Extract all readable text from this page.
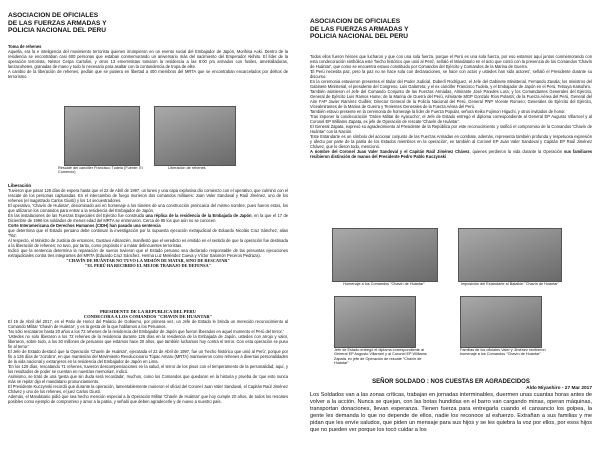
ASOCIACION DE OFICIALES

DE LAS FUERZAS ARMADAS Y

POLICIA NACIONAL DEL PERU

Toma de rehenes

Aquella, era la e inteligencia del movimiento terrorista quienes irrumpieron en un evento social del Embajador de Japón, Morihisa Aoki. Dentro de la residencia se encontraban casi 600 personas que estaban conmemorando un aniversario más del nacimiento del Emperador Akihito. El líder de la operación terrorista, Néstor Cerpa Cartolini, y otros 13 emerretistas tomaron la residencia a las 8:00 pm armados con fusiles, ametralladoras, lanzacohetes, granadas de mano y todo lo necesario para asaltar con la contundencia de tropa de elite.

A cambio de la liberación de rehenes, pedían que se pusiera en libertad a 400 miembros del MRTA que se encontraban encarcelados por delitos de terrorismo.

Rescate del canciller Francisco Tudela (Fuente: El Comercio)

Liberación de rehenes

Liberación

Tuvieron que pasar 126 días de espera hasta que el 22 de Abril de 1997, un lunes y una capa explosiva dio comienzo con el operativo, que culminó con el rescate de los personas capturadas. En el intercambio de fuego murieron dos comandos militares: Juan Valer Sandoval y Raúl Jiménez, uno de los rehenes (el magistrado Carlos Giusti) y los 14 secuestradores.

El operativo, 'Chavín de Huántar', denominado así en homenaje a los túneles de una construcción preincaica del mismo nombre, pues fueron estos, los que utilizaron los comandos para entrar a la residencia del Embajador de Japón.

En las instalaciones de las Fuerzas Especiales del Ejército fue construida una réplica de la residencia de la Embajada de Japón, en la que el 17 de Diciembre de 1996 los soldados de menos edad del MRTA se entrenaron. Cerca de 85 los que aún no se conocen.

Corte Interamericana de Derechos Humanos (CIDH) han pasado una sentencia

que determina que el Estado peruano debe continuar la investigación por la supuesta ejecución extrajudicial de Eduardo Nicolás Cruz Sánchez, alias 'Tito'.

Al respecto, el Ministro de Justicia de entonces, Gustavo Adrianzén, manifestó que el veredicto es emitido en el sentido de que la operación fue destinada a la liberación de rehenes; no tuvo, por tanto, como propósito ir a matar delincuentes terroristas.

Indicó que la sentencia determina la reparación de sueros tuvieron que el Estado peruano sea declarado responsable de las presuntas ejecuciones extrajudiciales contra tres integrantes del MRTA (Eduardo Cruz Sánchez, Herma Luz Meléndez Cueva y Víctor Salomón Peceros Pedraza).

"CHAVÍN DE HUÁNTAR NO TUVO LA MISIÓN DE MATAR, SINO DE RESCATAR"

"EL PERÚ HA RECIBIDO EL MEJOR TRABAJO DE DEFENSA"

PRESIDENTE DE LA REPUBLICA DEL PERU

CONDECORA A LOS COMANDOS "CHAVIN DE HUANTAR"

El 19 de Abril del 2017, en el Patio de Honor del Palacio de Gobierno, por primera vez, un Jefe de Estado le brinda un merecido reconocimiento al Comando Militar 'Chavín de Huántar', y es la gesta de la que hablamos a los Peruanos.

'No sólo rescataron hasta 20 años a los 72 rehenes de la residencia del Embajador de Japón que fueron liberados en aquel momento el Perú del terror.'

'Ustedes no solo liberaron a los 72 rehenes de la residencia durante 126 días en la residencia de la Embajada de Japón, ustedes con arrojo y valor, liberaron, sobre todo, a los 30 millones de peruanos que estamos hace 20 años, que también luchamos hoy contra el terror. Con esta operación se puso fin al terror.'

El Jefe de Estado destacó que la Operación 'Chavín de Huántar', ejecutada el 22 de Abril de 1997, fue un 'hecho histórico que unió al Perú', porque por fin a 126 días de 'zozobra', en que mantenían del Movimiento Revolucionario Túpac Amaru (MRTA) mantuvieron como rehenes a diversas personalidades de la vida nacional y extranjeros en la residencia del Embajador de Japón en Lima.

'En los 126 días, rescatando 71 rehenes, tuvieron descompensaciones en la salud, el terror de los pisos con el temperamento de la personalidad; aquí, y los resultados de poder se cuentan en nuestras memorias', indicó.

Asimismo, se trató de una 'gesta que sin duda será recordada', muchos, como los Comandos que quedaron en la historia y prueba de 'que esto nunca más se repita' dijo el mandatario pronunciamiento.

El Presidente Kuczynski recordó que durante la operación, lamentablemente murieron el oficial del Coronel Juan Valer Sandoval, el Capitán Raúl Jiménez Chávez y uno de los rehenes, el juez Carlos Giusti.

Además, el Mandatario pidió que sea hecho mención especial a la Operación Militar 'Chavín de Huántar' que hoy cumple 20 años, de todos los rescates posibles como ejemplo de compromiso y amor a la patria, y señaló que deben agradecerle y de nuevo a nuestro país.

ASOCIACION DE OFICIALES

DE LAS FUERZAS ARMADAS Y

POLICIA NACIONAL DEL PERU

Todos ellos fueron héroes que lucharon y que con una sola fuerza, porque el Perú es una sola fuerza, por eso estamos aquí juntos conmemorando con esta condecoración simbólica este 'hecho histórico que unió al Perú', señaló el Mandatario en el acto que contó con la presencia de los Comandos 'Chavín de Huántar', que como se encuentra estuvo constituido por Comandos del Ejército y Comandos de la Marina de Guerra.

'El Perú necesita paz, pero la paz no se hace sola con declaraciones, se hace con actos y ustedes han sido actores', señaló el Presidente durante su discurso.

En la ceremonia estuvieron presentes el titular del Poder Judicial, Duberlí Rodríguez, el Jefe del Gabinete Ministerial, Fernando Zavala; los ministros del Gabinete Ministerial, el presidente del Congreso, Luis Galarreta, y el ex canciller Francisco Tudela, y el Embajador de Japón en el Perú, Tetsuya Katsuhiro.

También asistieron el Jefe del Comando Conjunto de las Fuerzas Armadas, Almirante José Paredes Lora; y los Comandantes Generales del Ejército, General de Ejército Luis Ramos Hume; de la Marina de Guerra del Perú, Almirante MGP Gonzalo Ríos Polastri; de la Fuerza Aérea del Perú, General del Aire FAP Javier Ramírez Guillén; Director General de la Policía Nacional del Perú, General PNP Vicente Romero; Generales de Ejército del Ejército, Vicealmirantes de la Marina de Guerra y Tenientes Generales de la Fuerza Aérea del Perú.

También estuvo presente en la ceremonia de homenaje la líder de Fuerza Popular, señora Keiko Fujimori Higuchi, y otros invitados de honor.

Tras imponer la condecoración 'Orden Militar de Ayacucho', el Jefe de Estado entregó el diploma correspondiente al General EP Augusto Villarroel y al Coronel EP Williams Zapata, ex jefe de Operación de rescate 'Chavín de Huántar'.

El General Zapata, expresó su agradecimiento al Presidente de la República por este reconocimiento y ratificó el compromiso de la Comandos 'Chavín de Huántar' con la Nación.

'Este Estandarte es un símbolo del accionar conjunto de las Fuerzas Armadas en combate, además, representa también profunda y respetuosa expresión y afecto por parte de la patria de los Estados miembros en la operación', en también al Coronel EP Juan Valer Sandoval y Capitán EP Raúl Jiménez Chávez, que lo dieron todo, mencionó.

A nombre del Coronel Juan Valer Sandoval y el Capitán Raúl Jiménez Chávez, quienes perdieron la vida durante la Operación sus familiares recibieron distinción de manos del Presidente Pedro Pablo Kuczynski

Homenaje a los Comandos "Chavín de Huántar"	Imposición del Estandarte al Batallón "Chavín de Huántar"

Jefe de Estado entregó el diploma correspondiente al General EP Augusto Villarroel y al Coronel EP Williams Zapata, ex jefe de Operación de rescate "Chavín de Huántar"

Familias de los oficiales Valer y Jiménez recibieron homenaje a los Comandos "Chavín de Huántar"

SEÑOR SOLDADO : NOS CUESTAS ER AGRADECIDOS

Aldo Miyashiro - 27 Mar 2017

Los Soldados van a las zonas críticas, trabajan en jornadas interminables, duermen unas cuantas horas antes de volver a la acción. Nunca se quejan, con las botas hundidas en el barro van cargando minas, operan máquinas, transportan donaciones, llevan esperanza. Tienen fuerza para entregarla cuando el cansancio los golpea, la gente les demanda lo que no depende de ellos, nadie los reconoce al esfuerzo. Extrañan a sus familias y me pidan que les envíe saludos, que piden un mensaje para sus hijos y se les quiebra la voz por ellos, por esos hijos que no pueden ver porque los tocó cuidar a los
